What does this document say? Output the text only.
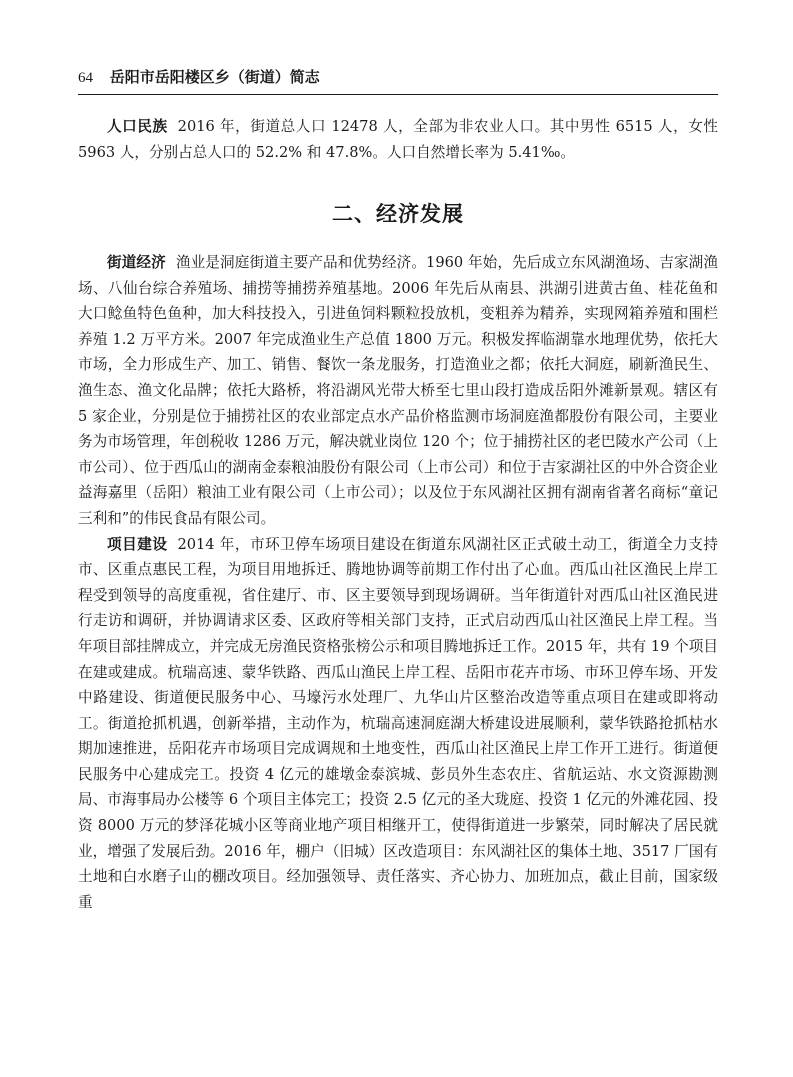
64 岳阳市岳阳楼区乡（街道）简志

人口民族 2016 年，街道总人口 12478 人，全部为非农业人口。其中男性 6515 人，女性 5963 人，分别占总人口的 52.2% 和 47.8%。人口自然增长率为 5.41‰。

二、经济发展

街道经济 渔业是洞庭街道主要产品和优势经济。1960 年始，先后成立东风湖渔场、吉家湖渔场、八仙台综合养殖场、捕捞等捕捞养殖基地。2006 年先后从南县、洪湖引进黄古鱼、桂花鱼和大口鲶鱼特色鱼种，加大科技投入，引进鱼饲料颗粒投放机，变粗养为精养，实现网箱养殖和围栏养殖 1.2 万平方米。2007 年完成渔业生产总值 1800 万元。积极发挥临湖靠水地理优势，依托大市场，全力形成生产、加工、销售、餐饮一条龙服务，打造渔业之都；依托大洞庭，刷新渔民生、渔生态、渔文化品牌；依托大路桥，将沿湖风光带大桥至七里山段打造成岳阳外滩新景观。辖区有 5 家企业，分别是位于捕捞社区的农业部定点水产品价格监测市场洞庭渔都股份有限公司，主要业务为市场管理，年创税收 1286 万元，解决就业岗位 120 个；位于捕捞社区的老巴陵水产公司（上市公司）、位于西瓜山的湖南金泰粮油股份有限公司（上市公司）和位于吉家湖社区的中外合资企业益海嘉里（岳阳）粮油工业有限公司（上市公司）；以及位于东风湖社区拥有湖南省著名商标“童记三利和”的伟民食品有限公司。

项目建设 2014 年，市环卫停车场项目建设在街道东风湖社区正式破土动工，街道全力支持市、区重点惠民工程，为项目用地拆迁、腾地协调等前期工作付出了心血。西瓜山社区渔民上岸工程受到领导的高度重视，省住建厅、市、区主要领导到现场调研。当年街道针对西瓜山社区渔民进行走访和调研，并协调请求区委、区政府等相关部门支持，正式启动西瓜山社区渔民上岸工程。当年项目部挂牌成立，并完成无房渔民资格张榜公示和项目腾地拆迁工作。2015 年，共有 19 个项目在建或建成。杭瑞高速、蒙华铁路、西瓜山渔民上岸工程、岳阳市花卉市场、市环卫停车场、开发中路建设、街道便民服务中心、马壕污水处理厂、九华山片区整治改造等重点项目在建或即将动工。街道抢抓机遇，创新举措，主动作为，杭瑞高速洞庭湖大桥建设进展顺利，蒙华铁路抢抓枯水期加速推进，岳阳花卉市场项目完成调规和土地变性，西瓜山社区渔民上岸工作开工进行。街道便民服务中心建成完工。投资 4 亿元的雄墩金泰滨城、彭员外生态农庄、省航运站、水文资源勘测局、市海事局办公楼等 6 个项目主体完工；投资 2.5 亿元的圣大珑庭、投资 1 亿元的外滩花园、投资 8000 万元的梦泽花城小区等商业地产项目相继开工，使得街道进一步繁荣，同时解决了居民就业，增强了发展后劲。2016 年，棚户（旧城）区改造项目：东风湖社区的集体土地、3517 厂国有土地和白水磨子山的棚改项目。经加强领导、责任落实、齐心协力、加班加点，截止目前，国家级重
